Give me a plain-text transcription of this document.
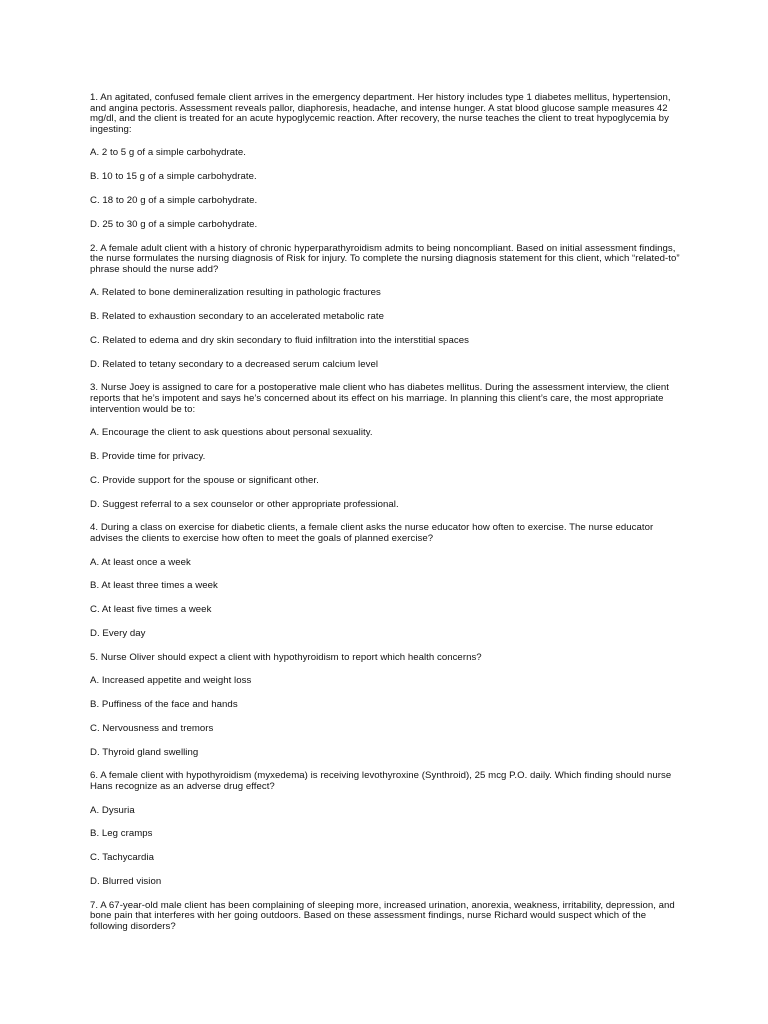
1. An agitated, confused female client arrives in the emergency department. Her history includes type 1 diabetes mellitus, hypertension, and angina pectoris. Assessment reveals pallor, diaphoresis, headache, and intense hunger. A stat blood glucose sample measures 42 mg/dl, and the client is treated for an acute hypoglycemic reaction. After recovery, the nurse teaches the client to treat hypoglycemia by ingesting:

A. 2 to 5 g of a simple carbohydrate.

B. 10 to 15 g of a simple carbohydrate.

C. 18 to 20 g of a simple carbohydrate.

D. 25 to 30 g of a simple carbohydrate.

2. A female adult client with a history of chronic hyperparathyroidism admits to being noncompliant. Based on initial assessment findings, the nurse formulates the nursing diagnosis of Risk for injury. To complete the nursing diagnosis statement for this client, which “related-to” phrase should the nurse add?

A. Related to bone demineralization resulting in pathologic fractures

B. Related to exhaustion secondary to an accelerated metabolic rate

C. Related to edema and dry skin secondary to fluid infiltration into the interstitial spaces

D. Related to tetany secondary to a decreased serum calcium level

3. Nurse Joey is assigned to care for a postoperative male client who has diabetes mellitus. During the assessment interview, the client reports that he’s impotent and says he’s concerned about its effect on his marriage. In planning this client’s care, the most appropriate intervention would be to:

A. Encourage the client to ask questions about personal sexuality.

B. Provide time for privacy.

C. Provide support for the spouse or significant other.

D. Suggest referral to a sex counselor or other appropriate professional.

4. During a class on exercise for diabetic clients, a female client asks the nurse educator how often to exercise. The nurse educator advises the clients to exercise how often to meet the goals of planned exercise?

A. At least once a week

B. At least three times a week

C. At least five times a week

D. Every day

5. Nurse Oliver should expect a client with hypothyroidism to report which health concerns?

A. Increased appetite and weight loss

B. Puffiness of the face and hands

C. Nervousness and tremors

D. Thyroid gland swelling

6. A female client with hypothyroidism (myxedema) is receiving levothyroxine (Synthroid), 25 mcg P.O. daily. Which finding should nurse Hans recognize as an adverse drug effect?

A. Dysuria

B. Leg cramps

C. Tachycardia

D. Blurred vision

7. A 67-year-old male client has been complaining of sleeping more, increased urination, anorexia, weakness, irritability, depression, and bone pain that interferes with her going outdoors. Based on these assessment findings, nurse Richard would suspect which of the following disorders?
